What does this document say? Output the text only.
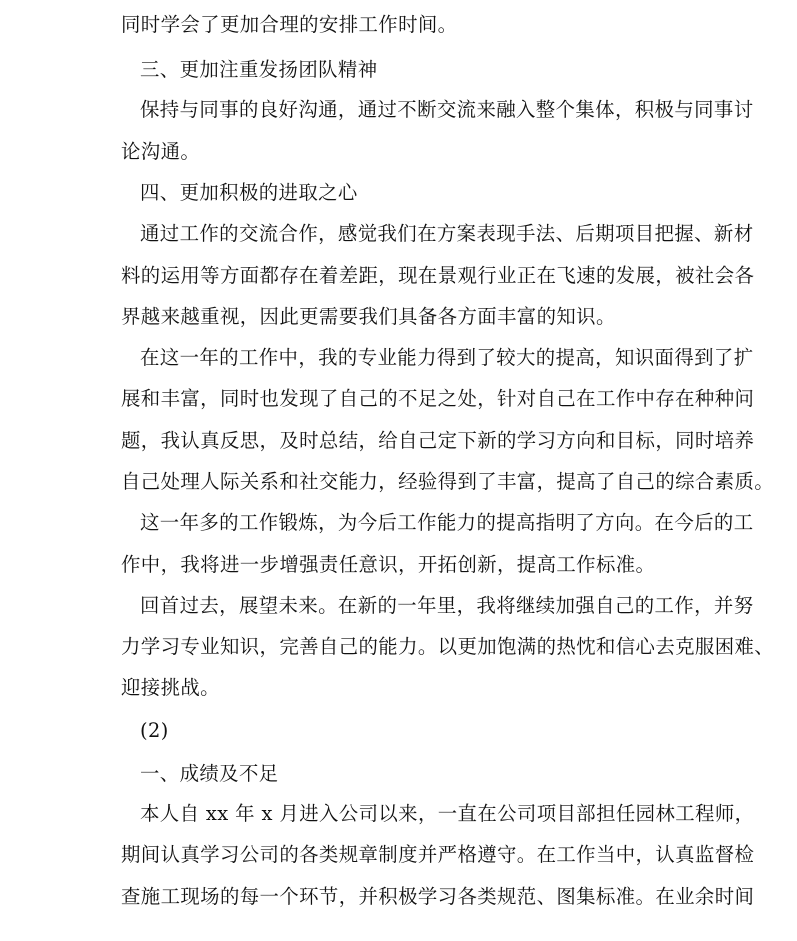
同时学会了更加合理的安排工作时间。
三、更加注重发扬团队精神
保持与同事的良好沟通，通过不断交流来融入整个集体，积极与同事讨
论沟通。
四、更加积极的进取之心
通过工作的交流合作，感觉我们在方案表现手法、后期项目把握、新材
料的运用等方面都存在着差距，现在景观行业正在飞速的发展，被社会各
界越来越重视，因此更需要我们具备各方面丰富的知识。
在这一年的工作中，我的专业能力得到了较大的提高，知识面得到了扩
展和丰富，同时也发现了自己的不足之处，针对自己在工作中存在种种问
题，我认真反思，及时总结，给自己定下新的学习方向和目标，同时培养
自己处理人际关系和社交能力，经验得到了丰富，提高了自己的综合素质。
这一年多的工作锻炼，为今后工作能力的提高指明了方向。在今后的工
作中，我将进一步增强责任意识，开拓创新，提高工作标准。
回首过去，展望未来。在新的一年里，我将继续加强自己的工作，并努
力学习专业知识，完善自己的能力。以更加饱满的热忱和信心去克服困难、
迎接挑战。
(2)
一、成绩及不足
本人自 xx 年 x 月进入公司以来，一直在公司项目部担任园林工程师，
期间认真学习公司的各类规章制度并严格遵守。在工作当中，认真监督检
查施工现场的每一个环节，并积极学习各类规范、图集标准。在业余时间
